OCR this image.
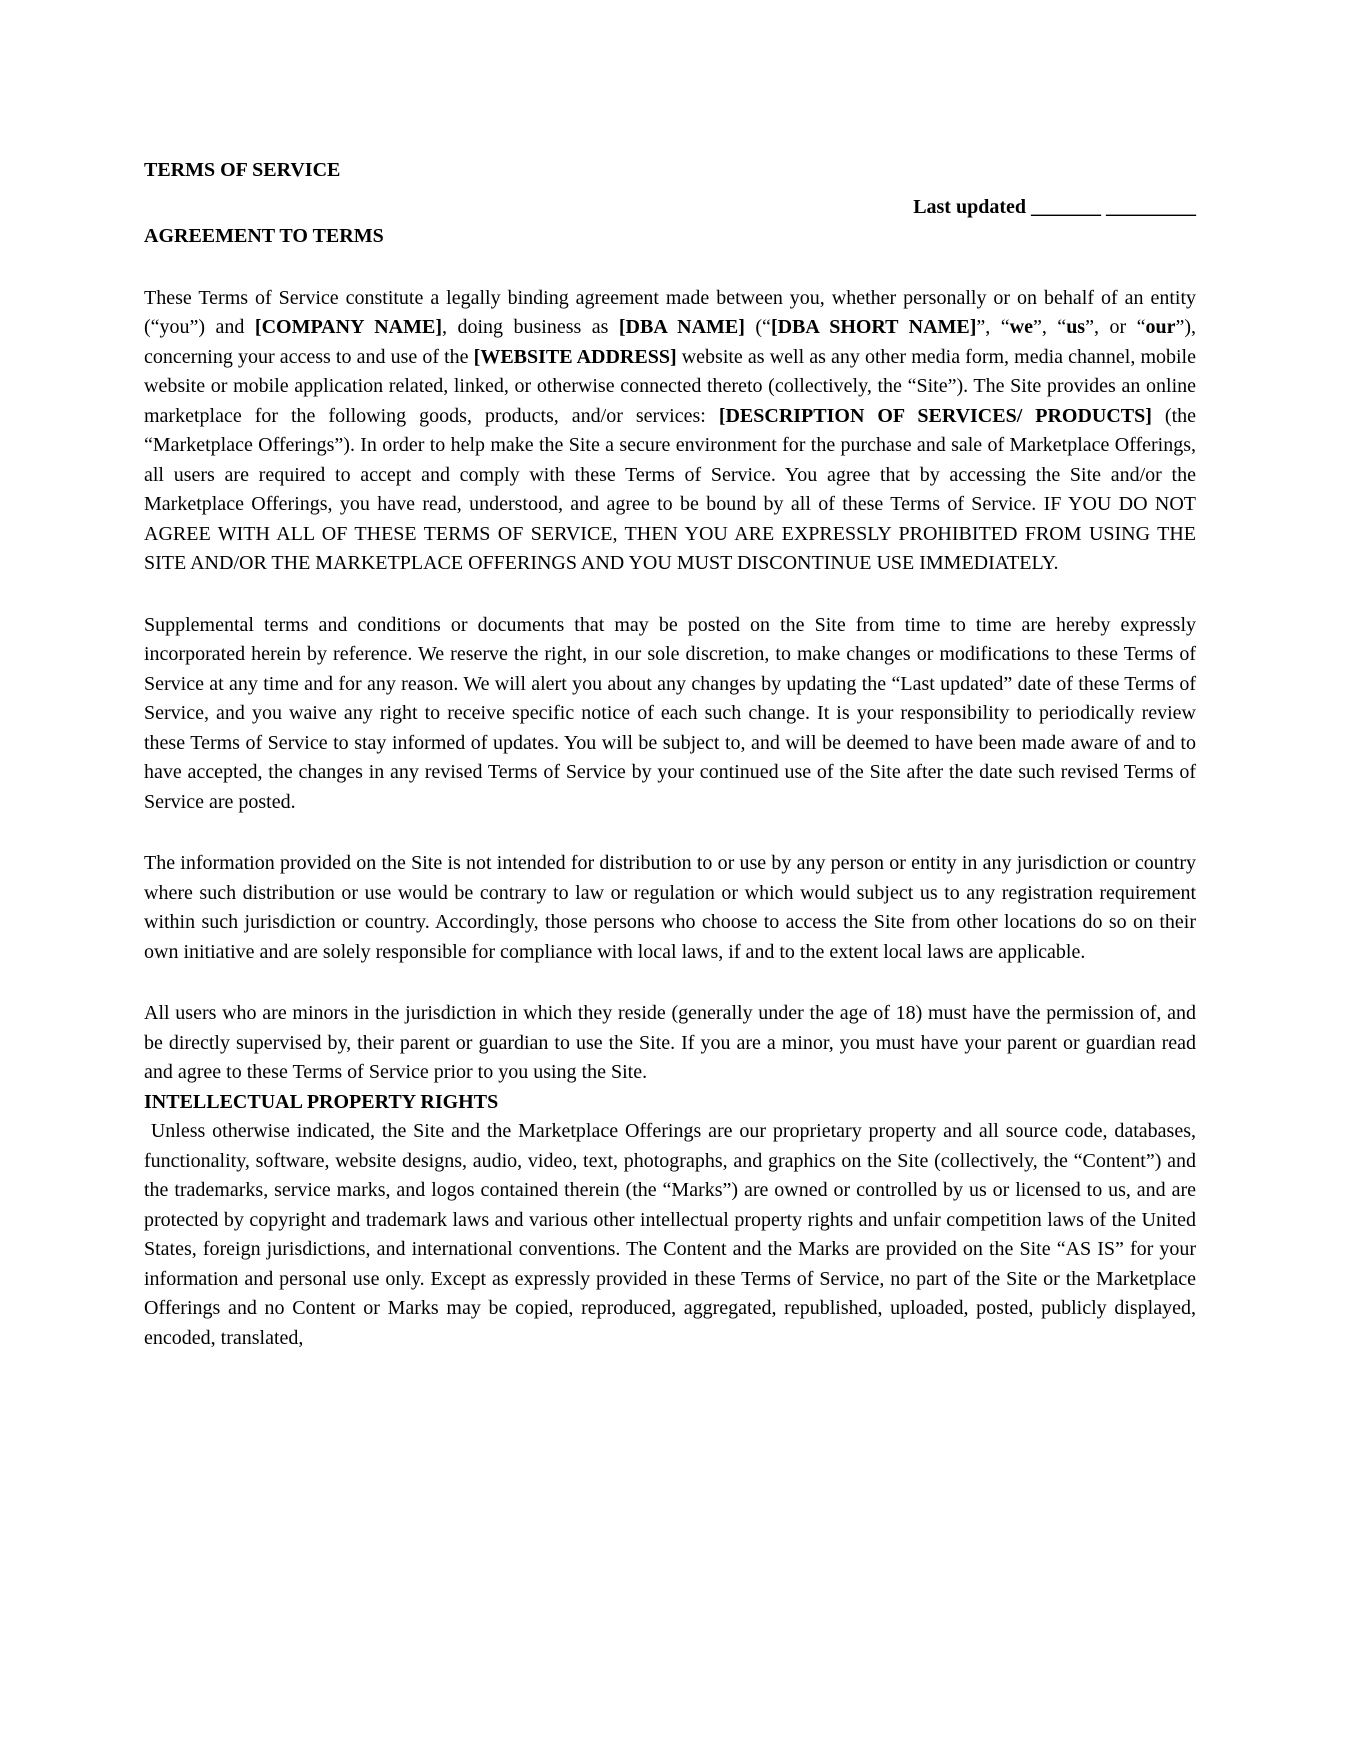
TERMS OF SERVICE
Last updated _______ _________
AGREEMENT TO TERMS

These Terms of Service constitute a legally binding agreement made between you, whether personally or on behalf of an entity (“you”) and [COMPANY NAME], doing business as [DBA NAME] (“[DBA SHORT NAME]”, “we”, “us”, or “our”), concerning your access to and use of the [WEBSITE ADDRESS] website as well as any other media form, media channel, mobile website or mobile application related, linked, or otherwise connected thereto (collectively, the “Site”). The Site provides an online marketplace for the following goods, products, and/or services: [DESCRIPTION OF SERVICES/ PRODUCTS] (the “Marketplace Offerings”). In order to help make the Site a secure environment for the purchase and sale of Marketplace Offerings, all users are required to accept and comply with these Terms of Service. You agree that by accessing the Site and/or the Marketplace Offerings, you have read, understood, and agree to be bound by all of these Terms of Service. IF YOU DO NOT AGREE WITH ALL OF THESE TERMS OF SERVICE, THEN YOU ARE EXPRESSLY PROHIBITED FROM USING THE SITE AND/OR THE MARKETPLACE OFFERINGS AND YOU MUST DISCONTINUE USE IMMEDIATELY.

Supplemental terms and conditions or documents that may be posted on the Site from time to time are hereby expressly incorporated herein by reference. We reserve the right, in our sole discretion, to make changes or modifications to these Terms of Service at any time and for any reason. We will alert you about any changes by updating the “Last updated” date of these Terms of Service, and you waive any right to receive specific notice of each such change. It is your responsibility to periodically review these Terms of Service to stay informed of updates. You will be subject to, and will be deemed to have been made aware of and to have accepted, the changes in any revised Terms of Service by your continued use of the Site after the date such revised Terms of Service are posted.

The information provided on the Site is not intended for distribution to or use by any person or entity in any jurisdiction or country where such distribution or use would be contrary to law or regulation or which would subject us to any registration requirement within such jurisdiction or country. Accordingly, those persons who choose to access the Site from other locations do so on their own initiative and are solely responsible for compliance with local laws, if and to the extent local laws are applicable.

All users who are minors in the jurisdiction in which they reside (generally under the age of 18) must have the permission of, and be directly supervised by, their parent or guardian to use the Site. If you are a minor, you must have your parent or guardian read and agree to these Terms of Service prior to you using the Site.

INTELLECTUAL PROPERTY RIGHTS

Unless otherwise indicated, the Site and the Marketplace Offerings are our proprietary property and all source code, databases, functionality, software, website designs, audio, video, text, photographs, and graphics on the Site (collectively, the “Content”) and the trademarks, service marks, and logos contained therein (the “Marks”) are owned or controlled by us or licensed to us, and are protected by copyright and trademark laws and various other intellectual property rights and unfair competition laws of the United States, foreign jurisdictions, and international conventions. The Content and the Marks are provided on the Site “AS IS” for your information and personal use only. Except as expressly provided in these Terms of Service, no part of the Site or the Marketplace Offerings and no Content or Marks may be copied, reproduced, aggregated, republished, uploaded, posted, publicly displayed, encoded, translated,
